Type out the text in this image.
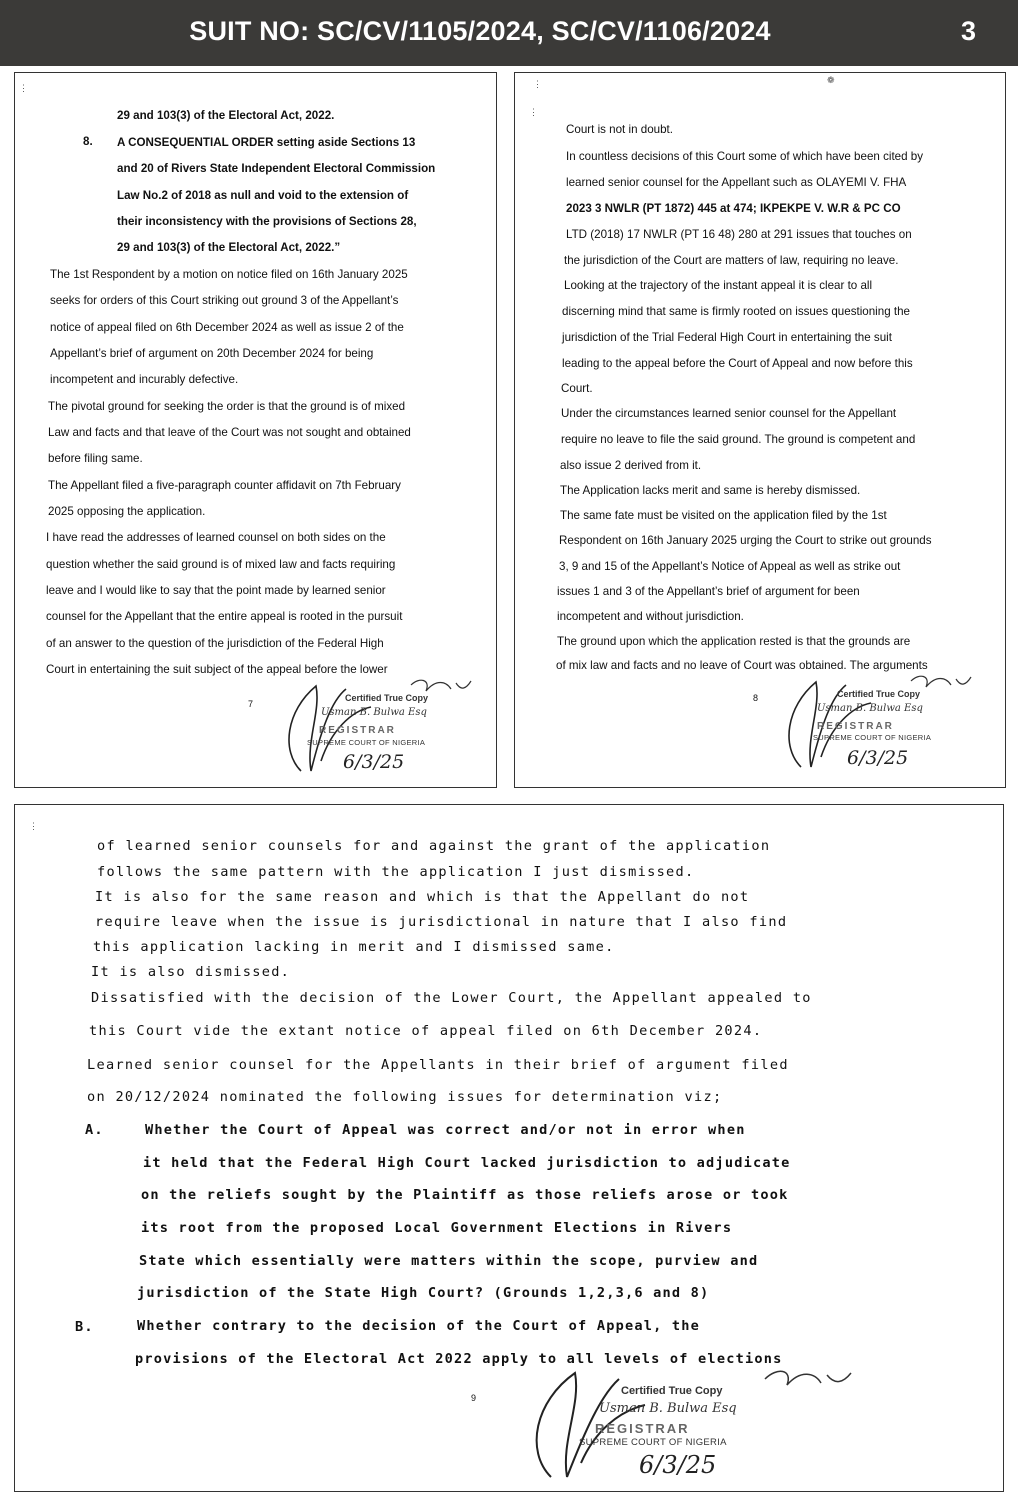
SUIT NO: SC/CV/1105/2024, SC/CV/1106/2024	3
⋮
29 and 103(3) of the Electoral Act, 2022.
8. A CONSEQUENTIAL ORDER setting aside Sections 13
and 20 of Rivers State Independent Electoral Commission
Law No.2 of 2018 as null and void to the extension of
their inconsistency with the provisions of Sections 28,
29 and 103(3) of the Electoral Act, 2022.”
The 1st Respondent by a motion on notice filed on 16th January 2025
seeks for orders of this Court striking out ground 3 of the Appellant’s
notice of appeal filed on 6th December 2024 as well as issue 2 of the
Appellant’s brief of argument on 20th December 2024 for being
incompetent and incurably defective.
The pivotal ground for seeking the order is that the ground is of mixed
Law and facts and that leave of the Court was not sought and obtained
before filing same.
The Appellant filed a five-paragraph counter affidavit on 7th February
2025 opposing the application.
I have read the addresses of learned counsel on both sides on the
question whether the said ground is of mixed law and facts requiring
leave and I would like to say that the point made by learned senior
counsel for the Appellant that the entire appeal is rooted in the pursuit
of an answer to the question of the jurisdiction of the Federal High
Court in entertaining the suit subject of the appeal before the lower
7
Certified True Copy
Usman B. Bulwa Esq
REGISTRAR
SUPREME COURT OF NIGERIA
6/3/25
⋮
⋮
❁
Court is not in doubt.
In countless decisions of this Court some of which have been cited by
learned senior counsel for the Appellant such as OLAYEMI V. FHA
2023 3 NWLR (PT 1872) 445 at 474; IKPEKPE V. W.R & PC CO
LTD (2018) 17 NWLR (PT 16 48) 280 at 291 issues that touches on
the jurisdiction of the Court are matters of law, requiring no leave.
Looking at the trajectory of the instant appeal it is clear to all
discerning mind that same is firmly rooted on issues questioning the
jurisdiction of the Trial Federal High Court in entertaining the suit
leading to the appeal before the Court of Appeal and now before this
Court.
Under the circumstances learned senior counsel for the Appellant
require no leave to file the said ground. The ground is competent and
also issue 2 derived from it.
The Application lacks merit and same is hereby dismissed.
The same fate must be visited on the application filed by the 1st
Respondent on 16th January 2025 urging the Court to strike out grounds
3, 9 and 15 of the Appellant’s Notice of Appeal as well as strike out
issues 1 and 3 of the Appellant’s brief of argument for been
incompetent and without jurisdiction.
The ground upon which the application rested is that the grounds are
of mix law and facts and no leave of Court was obtained. The arguments
8	Certified True Copy
Usman B. Bulwa Esq
REGISTRAR
SUPREME COURT OF NIGERIA
6/3/25
⋮
of learned senior counsels for and against the grant of the application
follows the same pattern with the application I just dismissed.
It is also for the same reason and which is that the Appellant do not
require leave when the issue is jurisdictional in nature that I also find
this application lacking in merit and I dismissed same.
It is also dismissed.
Dissatisfied with the decision of the Lower Court, the Appellant appealed to
this Court vide the extant notice of appeal filed on 6th December 2024.
Learned senior counsel for the Appellants in their brief of argument filed
on 20/12/2024 nominated the following issues for determination viz;
A.	Whether the Court of Appeal was correct and/or not in error when
it held that the Federal High Court lacked jurisdiction to adjudicate
on the reliefs sought by the Plaintiff as those reliefs arose or took
its root from the proposed Local Government Elections in Rivers
State which essentially were matters within the scope, purview and
jurisdiction of the State High Court? (Grounds 1,2,3,6 and 8)
B.	Whether contrary to the decision of the Court of Appeal, the
provisions of the Electoral Act 2022 apply to all levels of elections
9
Certified True Copy
Usman B. Bulwa Esq
REGISTRAR
SUPREME COURT OF NIGERIA
6/3/25
